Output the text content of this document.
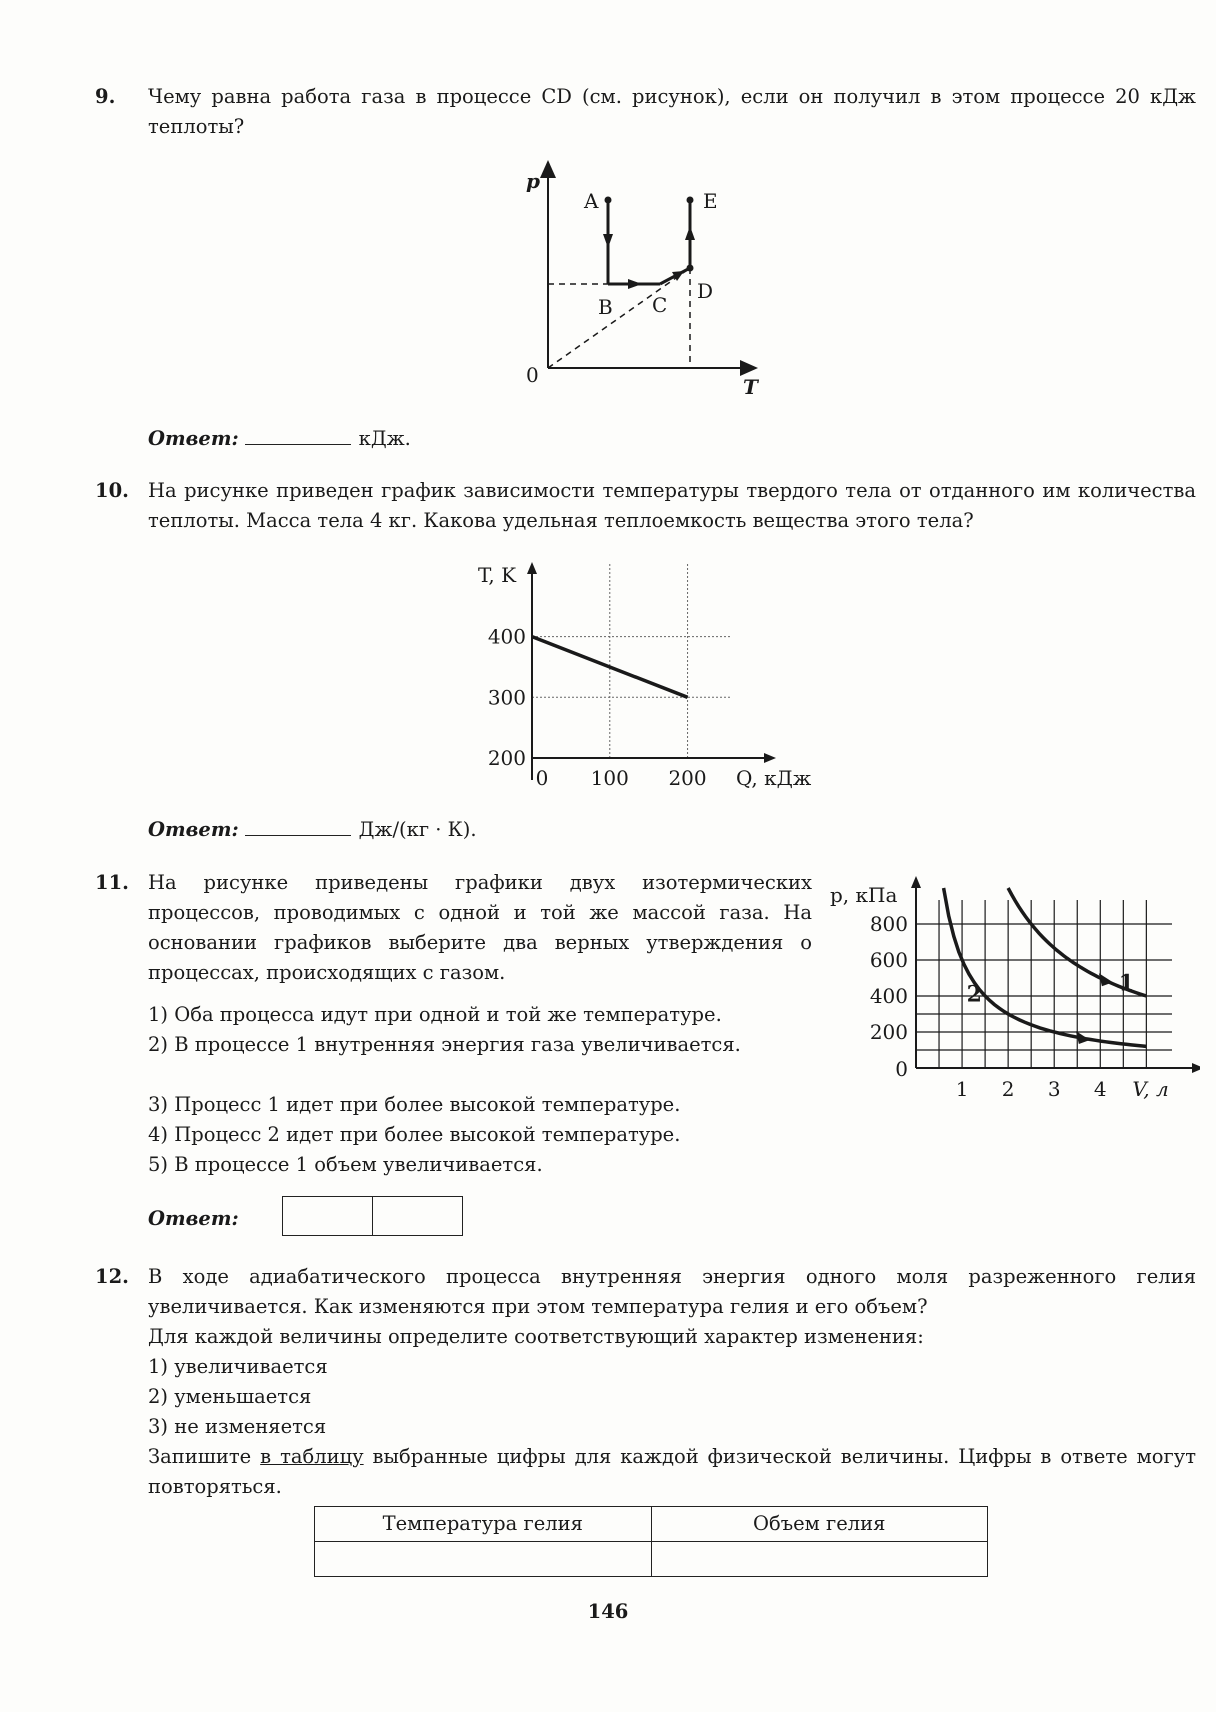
9. Чему равна работа газа в процессе CD (см. рисунок), если он получил в этом процессе 20 кДж теплоты?
p
T
0
A
B C
D
E
Ответ:	кДж.
10. На рисунке приведен график зависимости температуры твердого тела от отданного им количества теплоты. Масса тела 4 кг. Какова удельная теплоемкость вещества этого тела?
200
300
400
0 100 200
T, K
Q, кДж
Ответ:	Дж/(кг · К).
11. На рисунке приведены графики двух изотермических процессов, проводимых с одной и той же массой газа. На основании графиков выберите два верных утверждения о процессах, происходящих с газом.
1) Оба процесса идут при одной и той же температуре.
2) В процессе 1 внутренняя энергия газа увеличивается.
3) Процесс 1 идет при более высокой температуре.
4) Процесс 2 идет при более высокой температуре.
5) В процессе 1 объем увеличивается.
0
200
400
600
800
1 2 3 4
p, кПа
V, л
1
2
Ответ:
12. В ходе адиабатического процесса внутренняя энергия одного моля разреженного гелия увеличивается. Как изменяются при этом температура гелия и его объем?
Для каждой величины определите соответствующий характер изменения:
1) увеличивается
2) уменьшается
3) не изменяется
Запишите в таблицу выбранные цифры для каждой физической величины. Цифры в ответе могут повторяться.
Температура гелия	Объем гелия

146
